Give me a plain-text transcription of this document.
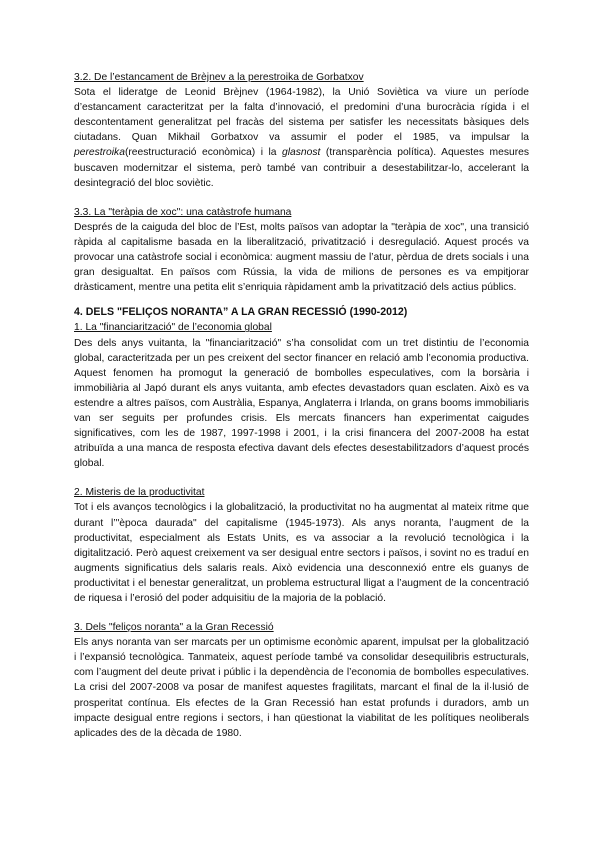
3.2. De l’estancament de Brèjnev a la perestroika de Gorbatxov

Sota el lideratge de Leonid Brèjnev (1964-1982), la Unió Soviètica va viure un període d’estancament caracteritzat per la falta d’innovació, el predomini d’una burocràcia rígida i el descontentament generalitzat pel fracàs del sistema per satisfer les necessitats bàsiques dels ciutadans. Quan Mikhail Gorbatxov va assumir el poder el 1985, va impulsar la perestroika(reestructuració econòmica) i la glasnost (transparència política). Aquestes mesures buscaven modernitzar el sistema, però també van contribuir a desestabilitzar-lo, accelerant la desintegració del bloc soviètic.

3.3. La "teràpia de xoc": una catàstrofe humana

Després de la caiguda del bloc de l’Est, molts països van adoptar la "teràpia de xoc", una transició ràpida al capitalisme basada en la liberalització, privatització i desregulació. Aquest procés va provocar una catàstrofe social i econòmica: augment massiu de l’atur, pèrdua de drets socials i una gran desigualtat. En països com Rússia, la vida de milions de persones es va empitjorar dràsticament, mentre una petita elit s’enriquia ràpidament amb la privatització dels actius públics.

4. DELS "FELIÇOS NORANTA” A LA GRAN RECESSIÓ (1990-2012)
1. La "financiarització" de l’economia global

Des dels anys vuitanta, la "financiarització" s’ha consolidat com un tret distintiu de l’economia global, caracteritzada per un pes creixent del sector financer en relació amb l’economia productiva. Aquest fenomen ha promogut la generació de bombolles especulatives, com la borsària i immobiliària al Japó durant els anys vuitanta, amb efectes devastadors quan esclaten. Això es va estendre a altres països, com Austràlia, Espanya, Anglaterra i Irlanda, on grans booms immobiliaris van ser seguits per profundes crisis. Els mercats financers han experimentat caigudes significatives, com les de 1987, 1997-1998 i 2001, i la crisi financera del 2007-2008 ha estat atribuïda a una manca de resposta efectiva davant dels efectes desestabilitzadors d’aquest procés global.

2. Misteris de la productivitat

Tot i els avanços tecnològics i la globalització, la productivitat no ha augmentat al mateix ritme que durant l’"època daurada" del capitalisme (1945-1973). Als anys noranta, l’augment de la productivitat, especialment als Estats Units, es va associar a la revolució tecnològica i la digitalització. Però aquest creixement va ser desigual entre sectors i països, i sovint no es traduí en augments significatius dels salaris reals. Això evidencia una desconnexió entre els guanys de productivitat i el benestar generalitzat, un problema estructural lligat a l’augment de la concentració de riquesa i l’erosió del poder adquisitiu de la majoria de la població.

3. Dels "feliços noranta" a la Gran Recessió

Els anys noranta van ser marcats per un optimisme econòmic aparent, impulsat per la globalització i l’expansió tecnològica. Tanmateix, aquest període també va consolidar desequilibris estructurals, com l’augment del deute privat i públic i la dependència de l’economia de bombolles especulatives. La crisi del 2007-2008 va posar de manifest aquestes fragilitats, marcant el final de la il·lusió de prosperitat contínua. Els efectes de la Gran Recessió han estat profunds i duradors, amb un impacte desigual entre regions i sectors, i han qüestionat la viabilitat de les polítiques neoliberals aplicades des de la dècada de 1980.
